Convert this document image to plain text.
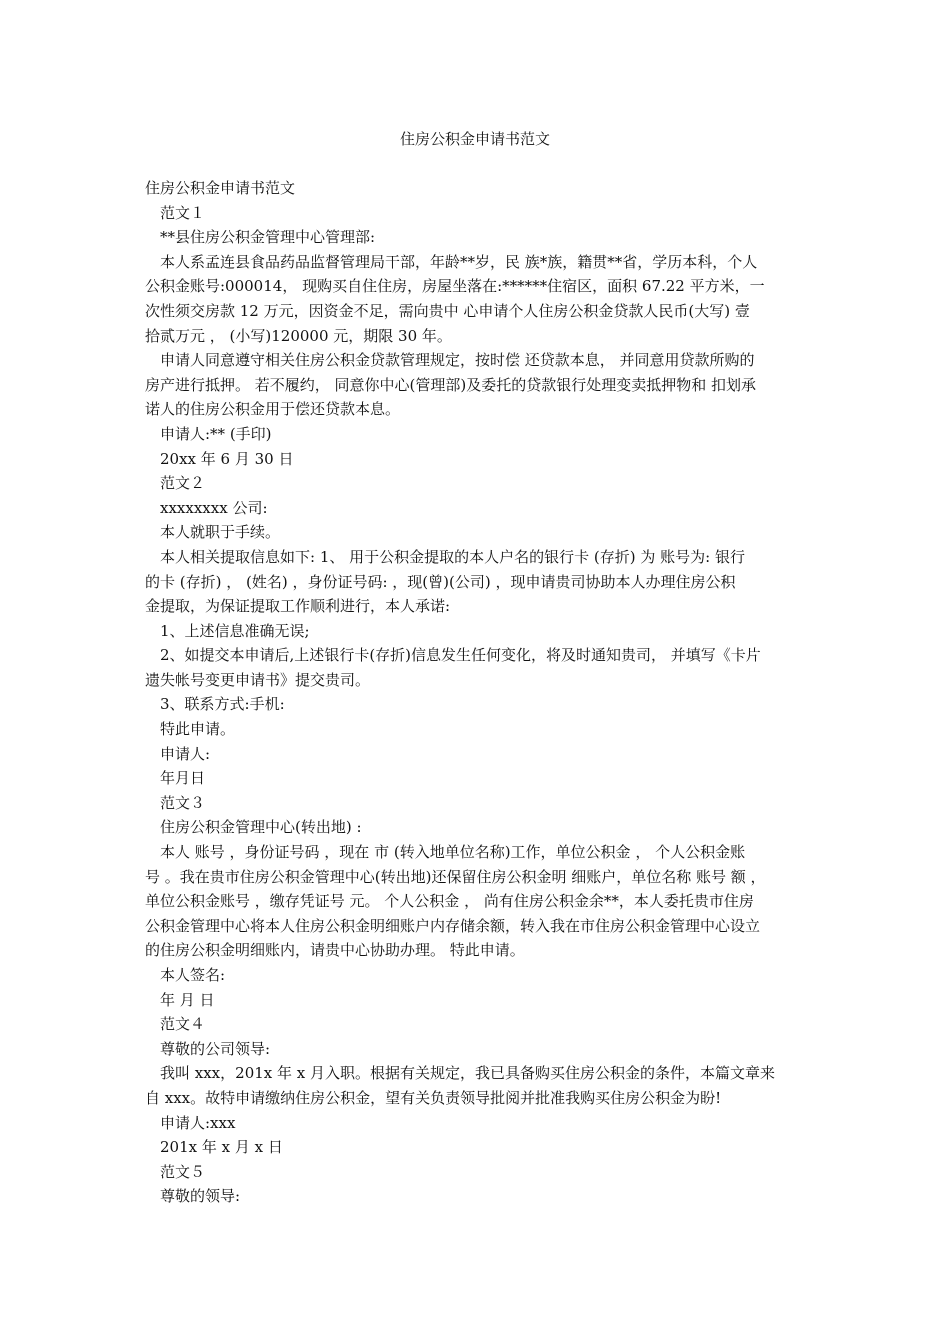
住房公积金申请书范文
住房公积金申请书范文
范文１
**县住房公积金管理中心管理部:
本人系孟连县食品药品监督管理局干部，年龄**岁，民 族*族，籍贯**省，学历本科，个人
公积金账号:000014， 现购买自住住房，房屋坐落在:******住宿区，面积 67.22 平方米，一
次性须交房款 12 万元，因资金不足，需向贵中 心申请个人住房公积金贷款人民币(大写) 壹
拾贰万元 ， (小写)120000 元，期限 30 年。
申请人同意遵守相关住房公积金贷款管理规定，按时偿 还贷款本息， 并同意用贷款所购的
房产进行抵押。 若不履约， 同意你中心(管理部)及委托的贷款银行处理变卖抵押物和 扣划承
诺人的住房公积金用于偿还贷款本息。
申请人:** (手印)
20xx 年 6 月 30 日
范文２
xxxxxxxx 公司:
本人就职于手续。
本人相关提取信息如下: 1、 用于公积金提取的本人户名的银行卡 (存折) 为 账号为: 银行
的卡 (存折) ， (姓名) ，身份证号码: ，现(曾)(公司) ，现申请贵司协助本人办理住房公积
金提取，为保证提取工作顺利进行，本人承诺:
1、上述信息准确无误;
2、如提交本申请后,上述银行卡(存折)信息发生任何变化，将及时通知贵司， 并填写《卡片
遗失帐号变更申请书》提交贵司。
3、联系方式:手机:
特此申请。
申请人:
年月日
范文３
住房公积金管理中心(转出地) :
本人 账号 ，身份证号码 ，现在 市 (转入地单位名称)工作，单位公积金 ， 个人公积金账
号 。我在贵市住房公积金管理中心(转出地)还保留住房公积金明 细账户，单位名称 账号 额 ，
单位公积金账号 ，缴存凭证号 元。 个人公积金 ， 尚有住房公积金余**，本人委托贵市住房
公积金管理中心将本人住房公积金明细账户内存储余额，转入我在市住房公积金管理中心设立
的住房公积金明细账内，请贵中心协助办理。 特此申请。
本人签名:
年 月 日
范文４
尊敬的公司领导:
我叫 xxx，201x 年 x 月入职。根据有关规定，我已具备购买住房公积金的条件，本篇文章来
自 xxx。故特申请缴纳住房公积金，望有关负责领导批阅并批准我购买住房公积金为盼!
申请人:xxx
201x 年 x 月 x 日
范文５
尊敬的领导:
